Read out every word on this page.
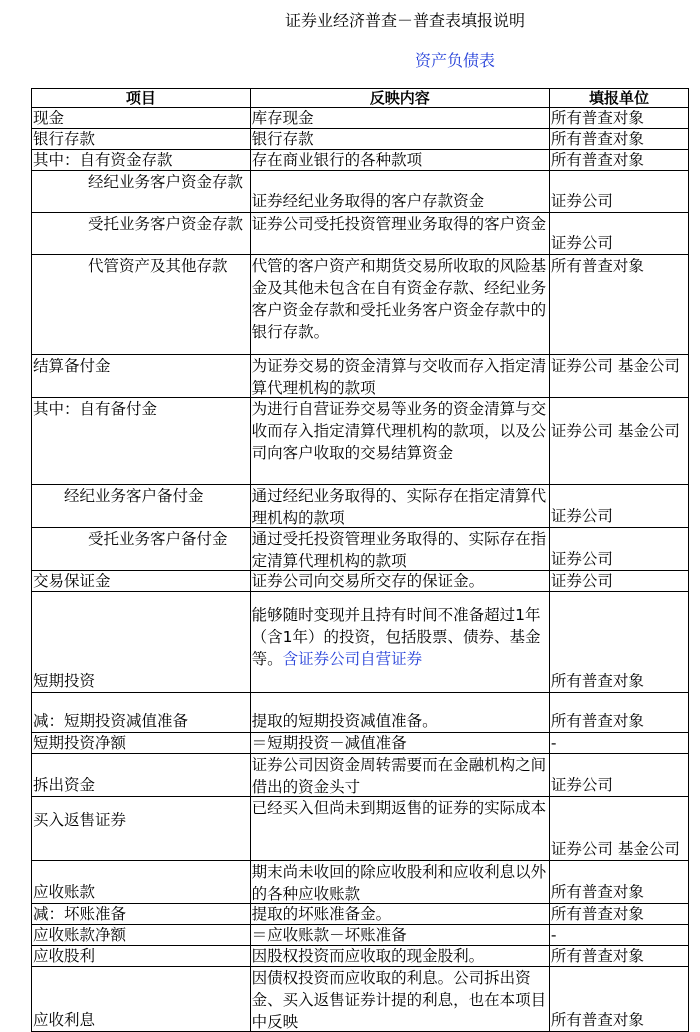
证券业经济普查－普查表填报说明
资产负债表
项目	反映内容	填报单位
现金	库存现金	所有普查对象
银行存款	银行存款	所有普查对象
其中：自有资金存款	存在商业银行的各种款项	所有普查对象
经纪业务客户资金存款	证券经纪业务取得的客户存款资金	证券公司
受托业务客户资金存款	证券公司受托投资管理业务取得的客户资金	证券公司
代管资产及其他存款	代管的客户资产和期货交易所收取的风险基金及其他未包含在自有资金存款、经纪业务客户资金存款和受托业务客户资金存款中的银行存款。	所有普查对象
结算备付金	为证券交易的资金清算与交收而存入指定清算代理机构的款项	证券公司 基金公司

其中：自有备付金	为进行自营证券交易等业务的资金清算与交收而存入指定清算代理机构的款项，以及公司向客户收取的交易结算资金	证券公司 基金公司

经纪业务客户备付金	通过经纪业务取得的、实际存在指定清算代理机构的款项	证券公司
受托业务客户备付金	通过受托投资管理业务取得的、实际存在指定清算代理机构的款项	证券公司
交易保证金	证券公司向交易所交存的保证金。	证券公司
短期投资	能够随时变现并且持有时间不准备超过1年（含1年）的投资，包括股票、债券、基金等。含证券公司自营证券	所有普查对象
减：短期投资减值准备	提取的短期投资减值准备。	所有普查对象
短期投资净额	＝短期投资－减值准备	-
拆出资金	证券公司因资金周转需要而在金融机构之间借出的资金头寸	证券公司

买入返售证券	已经买入但尚未到期返售的证券的实际成本	证券公司 基金公司
应收账款	期末尚未收回的除应收股利和应收利息以外的各种应收账款	所有普查对象
减：坏账准备	提取的坏账准备金。	所有普查对象
应收账款净额	＝应收账款－坏账准备	-
应收股利	因股权投资而应收取的现金股利。	所有普查对象
应收利息	因债权投资而应收取的利息。公司拆出资金、买入返售证券计提的利息，也在本项目中反映	所有普查对象
